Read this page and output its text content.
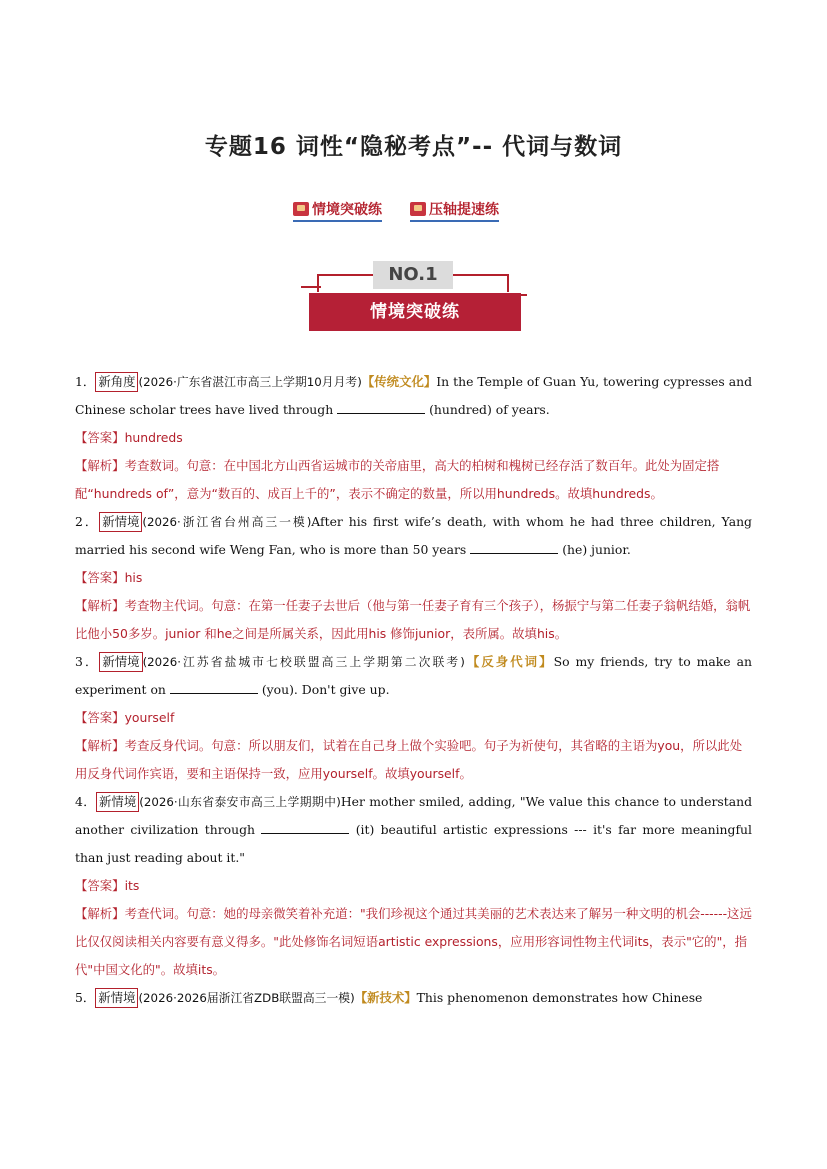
专题16 词性“隐秘考点”-- 代词与数词
情境突破练	压轴提速练
NO.1
情境突破练

1． 新角度 (2026·广东省湛江市高三上学期10月月考)【传统文化】In the Temple of Guan Yu, towering cypresses and Chinese scholar trees have lived through	(hundred) of years.

【答案】hundreds

【解析】考查数词。句意：在中国北方山西省运城市的关帝庙里，高大的柏树和槐树已经存活了数百年。此处为固定搭配“hundreds of”，意为“数百的、成百上千的”，表示不确定的数量，所以用hundreds。故填hundreds。

2． 新情境 (2026·浙江省台州高三一模)After his first wife’s death, with whom he had three children, Yang married his second wife Weng Fan, who is more than 50 years	(he) junior.

【答案】his

【解析】考查物主代词。句意：在第一任妻子去世后（他与第一任妻子育有三个孩子），杨振宁与第二任妻子翁帆结婚，翁帆比他小50多岁。junior 和he之间是所属关系，因此用his 修饰junior，表所属。故填his。

3． 新情境 (2026·江苏省盐城市七校联盟高三上学期第二次联考)【反身代词】So my friends, try to make an experiment on	(you). Don't give up.

【答案】yourself

【解析】考查反身代词。句意：所以朋友们，试着在自己身上做个实验吧。句子为祈使句，其省略的主语为you，所以此处用反身代词作宾语，要和主语保持一致，应用yourself。故填yourself。

4． 新情境 (2026·山东省泰安市高三上学期期中)Her mother smiled, adding, "We value this chance to understand another civilization through	(it) beautiful artistic expressions --- it's far more meaningful than just reading about it."

【答案】its

【解析】考查代词。句意：她的母亲微笑着补充道："我们珍视这个通过其美丽的艺术表达来了解另一种文明的机会------这远比仅仅阅读相关内容要有意义得多。"此处修饰名词短语artistic expressions，应用形容词性物主代词its，表示"它的"，指代"中国文化的"。故填its。

5． 新情境 (2026·2026届浙江省ZDB联盟高三一模)【新技术】This phenomenon demonstrates how Chinese
